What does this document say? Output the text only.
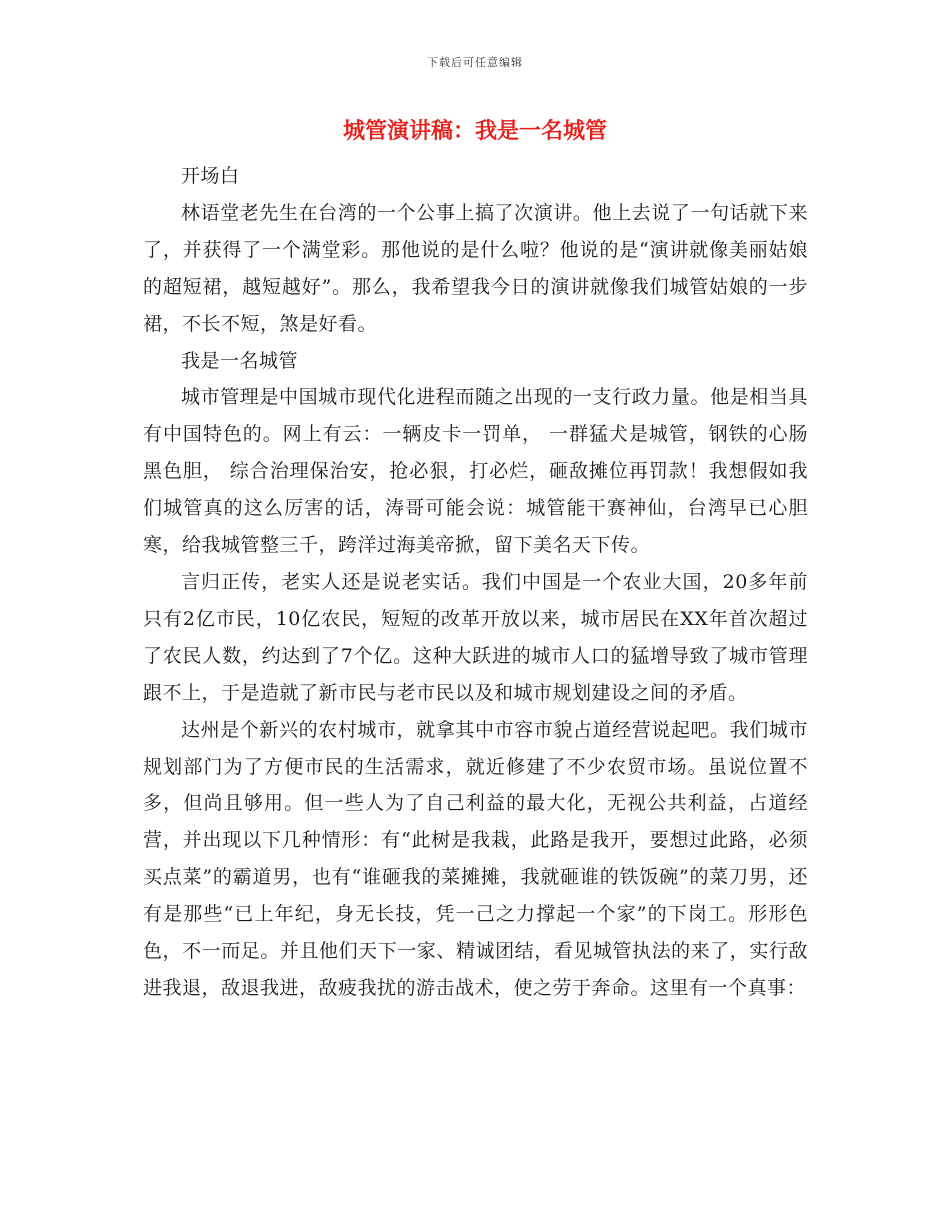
下载后可任意编辑
城管演讲稿：我是一名城管

开场白

林语堂老先生在台湾的一个公事上搞了次演讲。他上去说了一句话就下来了，并获得了一个满堂彩。那他说的是什么啦？他说的是“演讲就像美丽姑娘的超短裙，越短越好”。那么，我希望我今日的演讲就像我们城管姑娘的一步裙，不长不短，煞是好看。

我是一名城管

城市管理是中国城市现代化进程而随之出现的一支行政力量。他是相当具有中国特色的。网上有云：一辆皮卡一罚单， 一群猛犬是城管，钢铁的心肠黑色胆， 综合治理保治安，抢必狠，打必烂，砸敌摊位再罚款！我想假如我们城管真的这么厉害的话，涛哥可能会说：城管能干赛神仙，台湾早已心胆寒，给我城管整三千，跨洋过海美帝掀，留下美名天下传。

言归正传，老实人还是说老实话。我们中国是一个农业大国，20多年前只有2亿市民，10亿农民，短短的改革开放以来，城市居民在XX年首次超过了农民人数，约达到了7个亿。这种大跃进的城市人口的猛增导致了城市管理跟不上，于是造就了新市民与老市民以及和城市规划建设之间的矛盾。

达州是个新兴的农村城市，就拿其中市容市貌占道经营说起吧。我们城市规划部门为了方便市民的生活需求，就近修建了不少农贸市场。虽说位置不多，但尚且够用。但一些人为了自己利益的最大化，无视公共利益，占道经营，并出现以下几种情形：有“此树是我栽，此路是我开，要想过此路，必须买点菜”的霸道男，也有“谁砸我的菜摊摊，我就砸谁的铁饭碗”的菜刀男，还有是那些“已上年纪，身无长技，凭一己之力撑起一个家”的下岗工。形形色色，不一而足。并且他们天下一家、精诚团结，看见城管执法的来了，实行敌进我退，敌退我进，敌疲我扰的游击战术，使之劳于奔命。这里有一个真事：
